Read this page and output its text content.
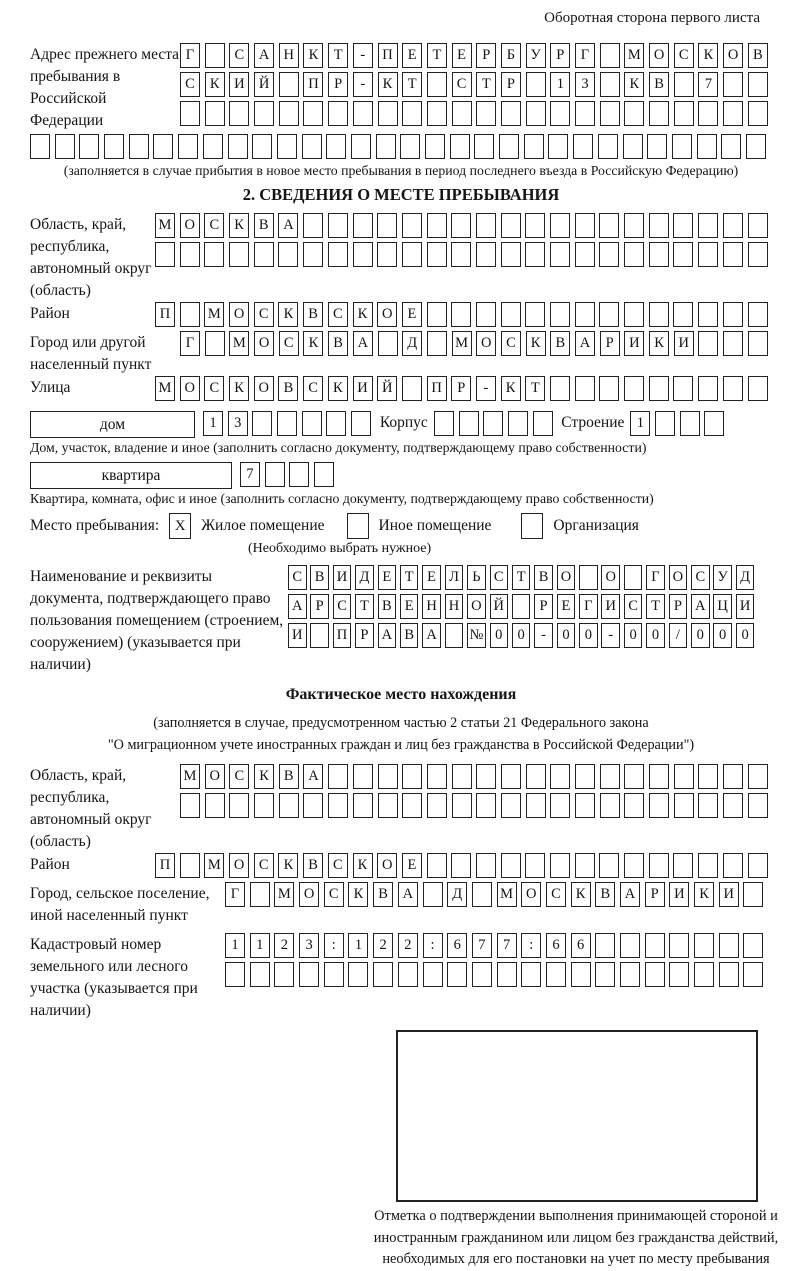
Оборотная сторона первого листа
Адрес прежнего места пребывания в Российской Федерации
Г	С	А Н	К	Т	-	П	Е	Т	Е	Р	Б	У	Р	Г	М О	С	К	О	В
С	К	И Й	П	Р	-	К	Т	С	Т	Р	1	3	К	В	7
(заполняется в случае прибытия в новое место пребывания в период последнего въезда в Российскую Федерацию)
2. СВЕДЕНИЯ О МЕСТЕ ПРЕБЫВАНИЯ
Область, край, республика, автономный округ (область)
М О	С	К	В	А
Район	П	М О	С	К	В	С	К	О	Е
Город или другой населенный пункт
Г	М О	С	К	В	А	Д	М О	С	К	В	А	Р	И	К	И
Улица	М О	С	К	О	В	С	К	И Й	П	Р	-	К	Т
дом	1	3	Корпус	Строение 1
Дом, участок, владение и иное (заполнить согласно документу, подтверждающему право собственности)
квартира	7
Квартира, комната, офис и иное (заполнить согласно документу, подтверждающему право собственности)
Место пребывания:	X	Жилое помещение	Иное помещение	Организация
(Необходимо выбрать нужное)
Наименование и реквизиты документа, подтверждающего право пользования помещением (строением, сооружением) (указывается при наличии)
С В И Д Е Т Е Л Ь С Т В О О	Г О С У Д
А Р С Т В Е Н Н О Й	Р Е Г И С Т Р А Ц И
И П Р А В А № 0	0	-	0	0	-	0	0	/	0	0	0
Фактическое место нахождения
(заполняется в случае, предусмотренном частью 2 статьи 21 Федерального закона
"О миграционном учете иностранных граждан и лиц без гражданства в Российской Федерации")
Область, край, республика, автономный округ (область)
М О	С	К	В	А
Район	П	М О	С	К	В	С	К	О	Е
Город, сельское поселение, иной населенный пункт
Г	М О	С	К	В	А	Д	М О	С	К	В	А	Р	И	К	И
Кадастровый номер земельного или лесного участка (указывается при наличии)
1	1	2	3	:	1	2	2	:	6	7	7	:	6	6
Отметка о подтверждении выполнения принимающей стороной и иностранным гражданином или лицом без гражданства действий, необходимых для его постановки на учет по месту пребывания
